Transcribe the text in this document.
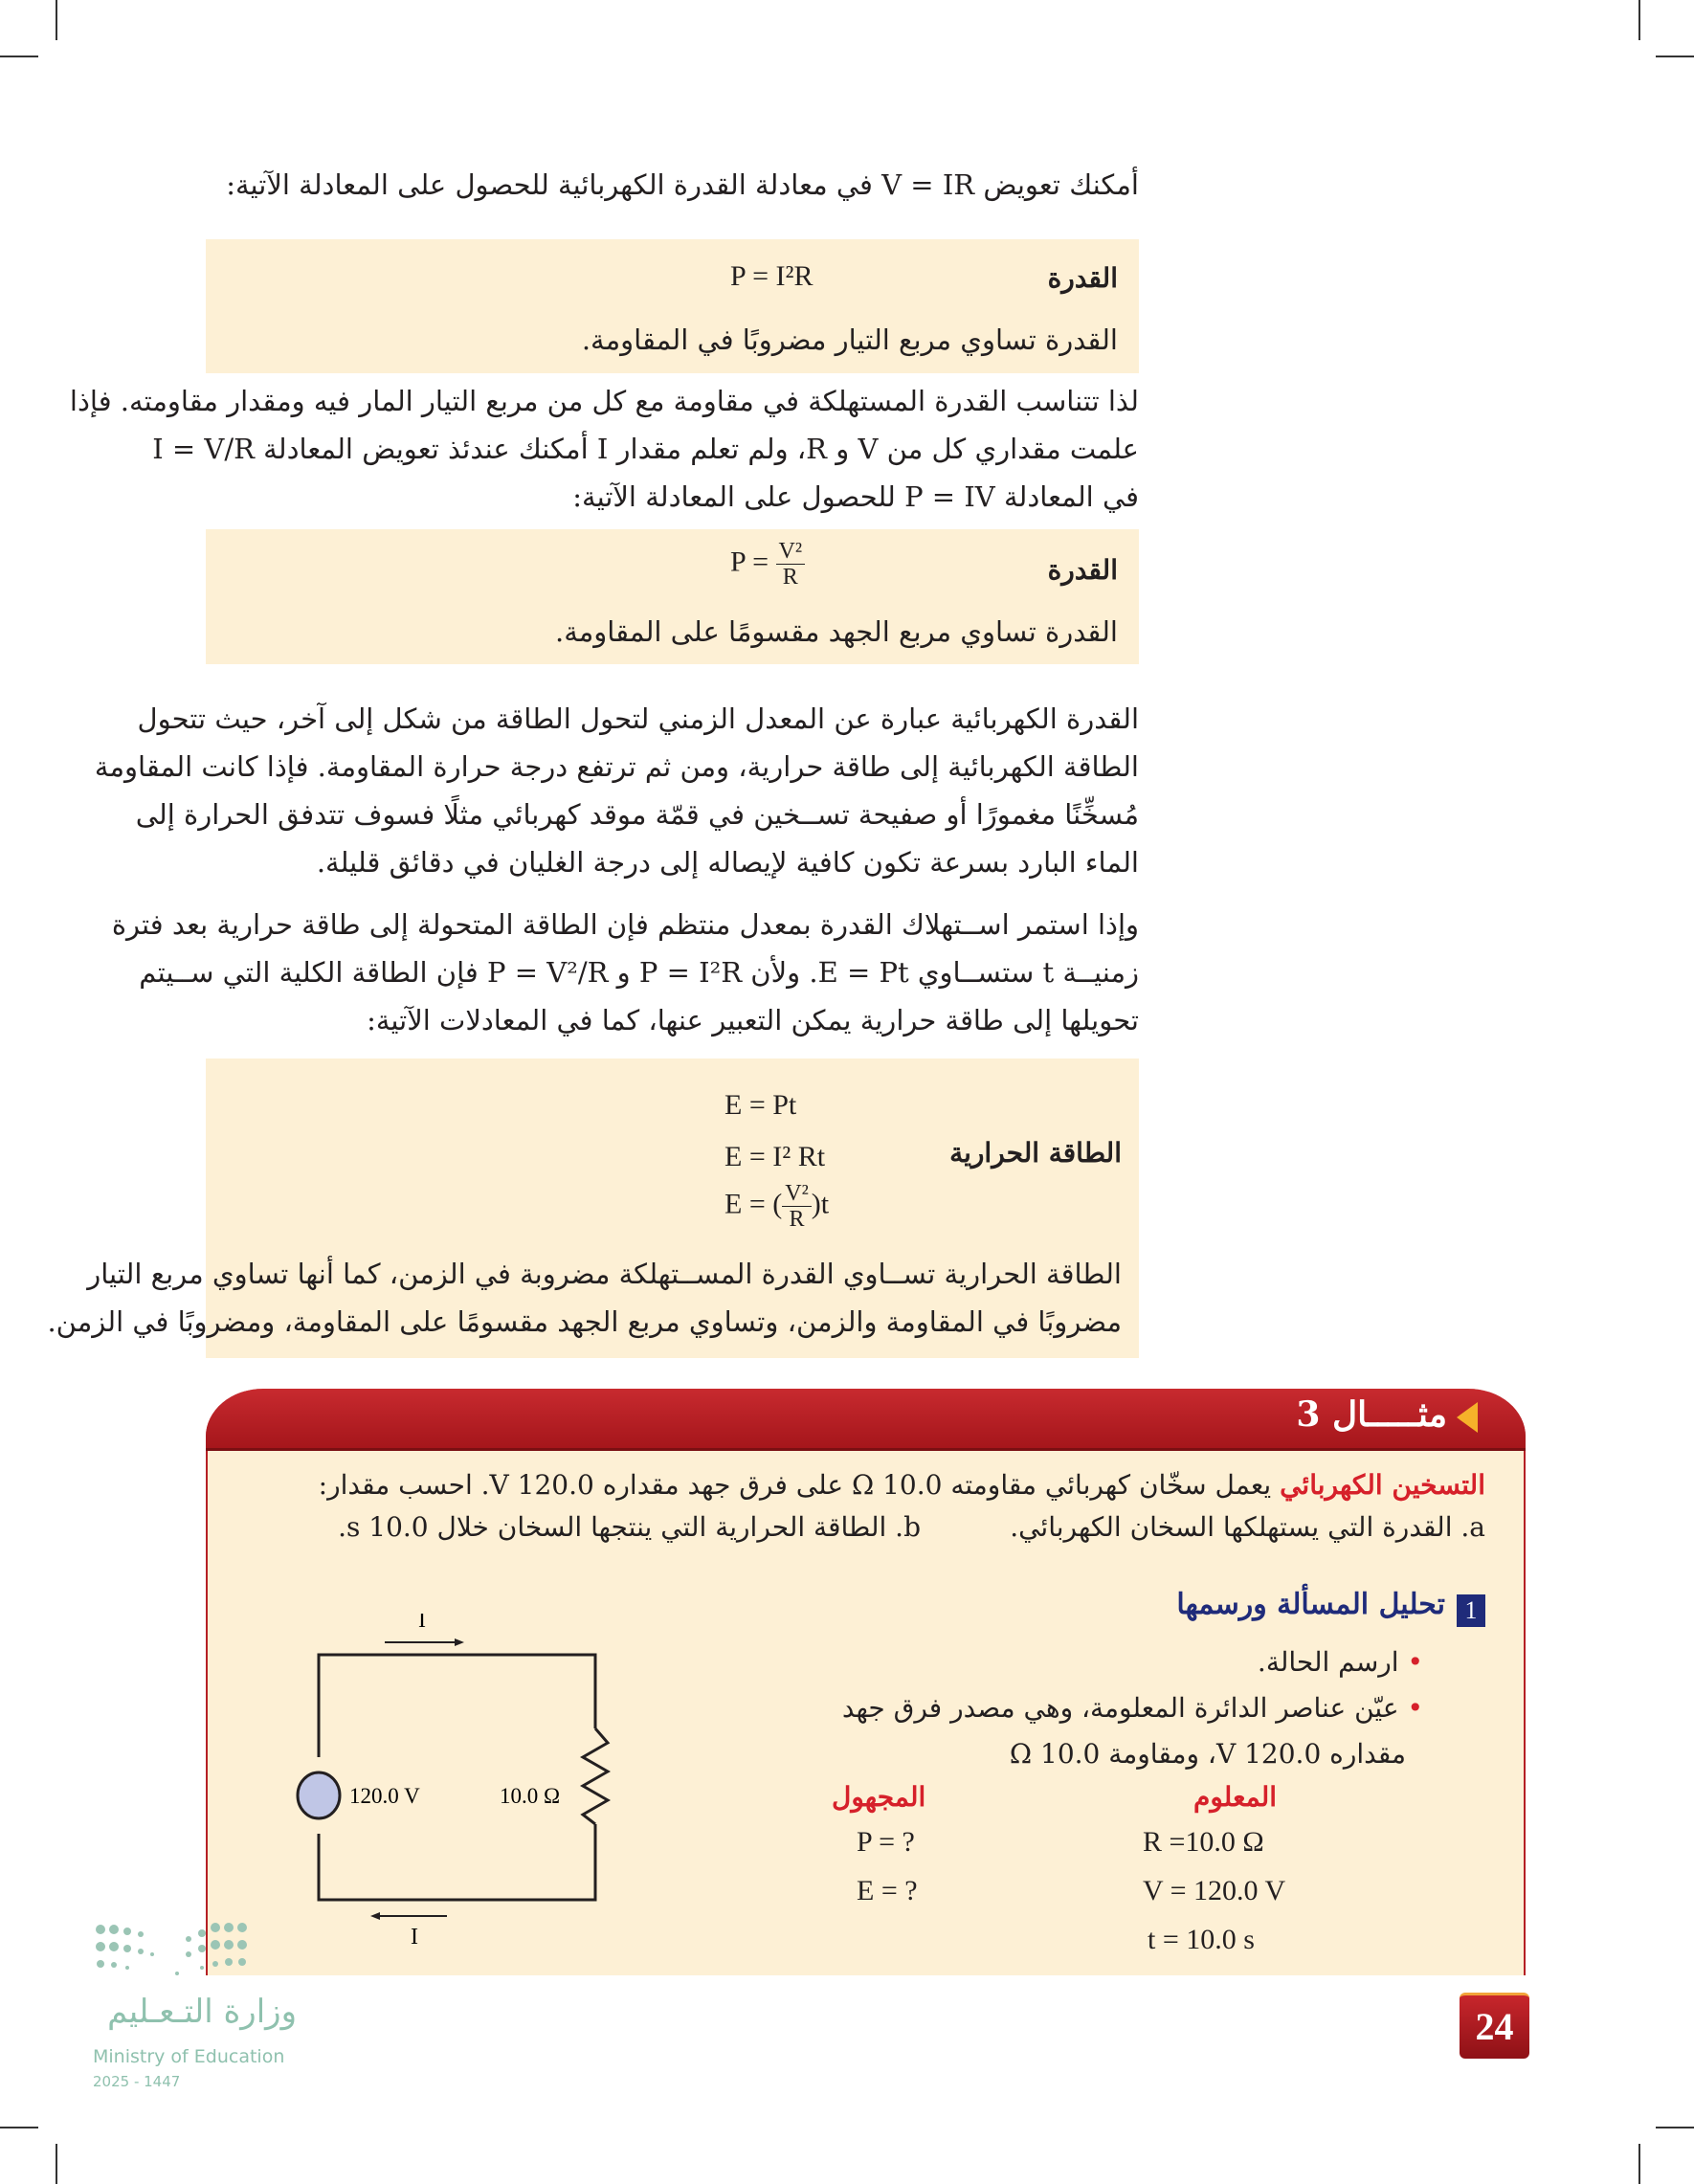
أمكنك تعويض V = IR في معادلة القدرة الكهربائية للحصول على المعادلة الآتية:
القدرة
P = I²R
القدرة تساوي مربع التيار مضروبًا في المقاومة.
لذا تتناسب القدرة المستهلكة في مقاومة مع كل من مربع التيار المار فيه ومقدار مقاومته. فإذا
علمت مقداري كل من V و R، ولم تعلم مقدار I أمكنك عندئذ تعويض المعادلة I = V/R
في المعادلة P = IV للحصول على المعادلة الآتية:
القدرة
$P = \frac{\text{V²}}{R}$
القدرة تساوي مربع الجهد مقسومًا على المقاومة.
القدرة الكهربائية عبارة عن المعدل الزمني لتحول الطاقة من شكل إلى آخر، حيث تتحول
الطاقة الكهربائية إلى طاقة حرارية، ومن ثم ترتفع درجة حرارة المقاومة. فإذا كانت المقاومة
مُسخِّنًا مغمورًا أو صفيحة تســخين في قمّة موقد كهربائي مثلًا فسوف تتدفق الحرارة إلى
الماء البارد بسرعة تكون كافية لإيصاله إلى درجة الغليان في دقائق قليلة.
وإذا استمر اســتهلاك القدرة بمعدل منتظم فإن الطاقة المتحولة إلى طاقة حرارية بعد فترة
زمنيــة t ستســاوي E = Pt. ولأن P = I²R و P = V²/R فإن الطاقة الكلية التي ســيتم
تحويلها إلى طاقة حرارية يمكن التعبير عنها، كما في المعادلات الآتية:
الطاقة الحرارية
E = Pt
E = I² Rt
E = ( $\frac{\text{V²}}{R} )t$
الطاقة الحرارية تســاوي القدرة المســتهلكة مضروبة في الزمن، كما أنها تساوي مربع التيار
مضروبًا في المقاومة والزمن، وتساوي مربع الجهد مقسومًا على المقاومة، ومضروبًا في الزمن.
مثـــــال 3
التسخين الكهربائي يعمل سخّان كهربائي مقاومته 10.0 Ω على فرق جهد مقداره 120.0 V. احسب مقدار:
a. القدرة التي يستهلكها السخان الكهربائي.
b. الطاقة الحرارية التي ينتجها السخان خلال 10.0 s.
1
تحليل المسألة ورسمها
• ارسم الحالة.
• عيّن عناصر الدائرة المعلومة، وهي مصدر فرق جهد
مقداره 120.0 V، ومقاومة 10.0 Ω
المعلوم
المجهول
R =10.0 Ω
V = 120.0 V
t = 10.0 s
P = ?
E = ?
I
I
120.0 V	10.0 Ω
24
وزارة التـعـليم
Ministry of Education
2025 - 1447
